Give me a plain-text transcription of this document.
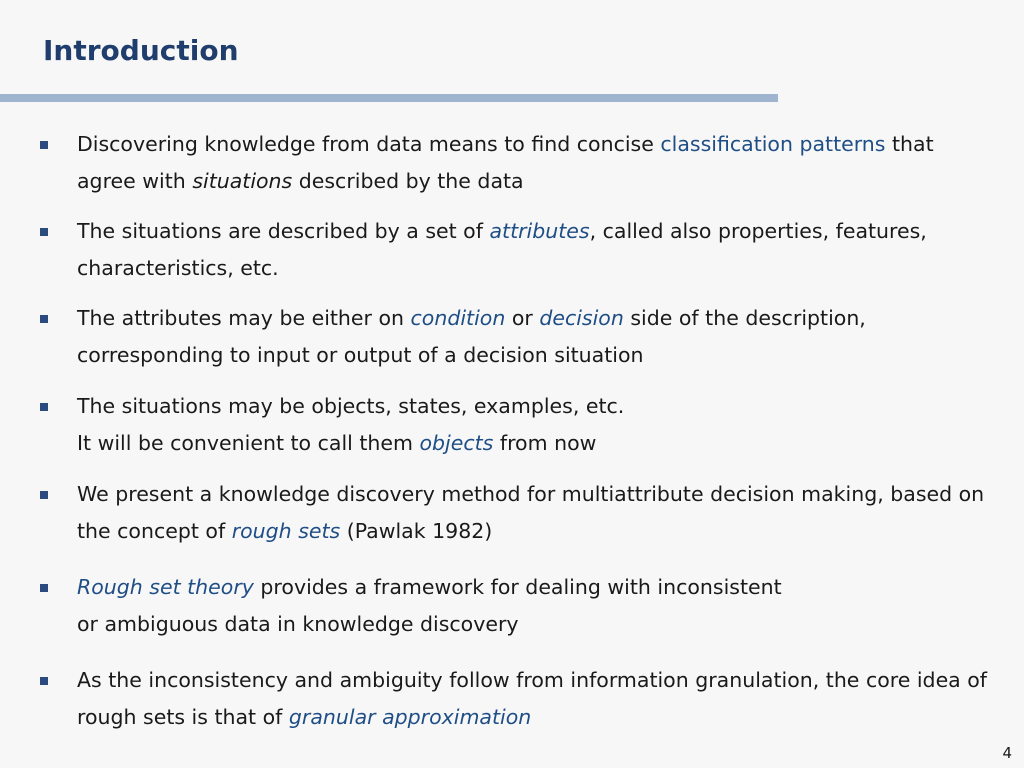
Introduction
Discovering knowledge from data means to find concise classification patterns that agree with situations described by the data
The situations are described by a set of attributes, called also properties, features, characteristics, etc.
The attributes may be either on condition or decision side of the description, corresponding to input or output of a decision situation
The situations may be objects, states, examples, etc.
It will be convenient to call them objects from now
We present a knowledge discovery method for multiattribute decision making, based on the concept of rough sets (Pawlak 1982)
Rough set theory provides a framework for dealing with inconsistent
or ambiguous data in knowledge discovery
As the inconsistency and ambiguity follow from information granulation, the core idea of rough sets is that of granular approximation
4
